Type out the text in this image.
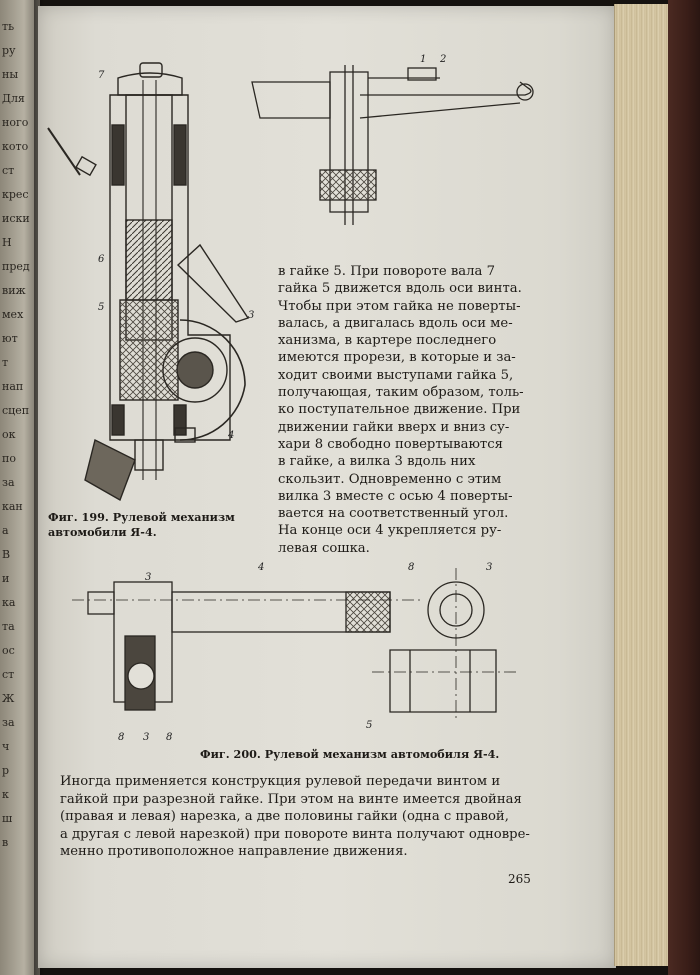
ть
ру
ны
Для
ного
кото
ст
крес
иски
Н
пред
виж
мех
ют
т
нап
сцеп
ок
по
за
кан
а
В
и
ка
та
ос
ст
Ж
за
ч
р
к
ш
в
7
6
5
3
4
1 2
3
4	8	3
8 3 8
5
в гайке 5. При повороте вала 7
гайка 5 движется вдоль оси винта.
Чтобы при этом гайка не поверты-
валась, а двигалась вдоль оси ме-
ханизма, в картере последнего
имеются прорези, в которые и за-
ходит своими выступами гайка 5,
получающая, таким образом, толь-
ко поступательное движение. При
движении гайки вверх и вниз су-
хари 8 свободно повертываются
в гайке, а вилка 3 вдоль них
скользит. Одновременно с этим
вилка 3 вместе с осью 4 поверты-
вается на соответственный угол.
На конце оси 4 укрепляется ру-
левая сошка.
Фиг. 199. Рулевой механизм автомобили Я-4.
Фиг. 200. Рулевой механизм автомобиля Я-4.
Иногда применяется конструкция рулевой передачи винтом и
гайкой при разрезной гайке. При этом на винте имеется двойная
(правая и левая) нарезка, а две половины гайки (одна с правой,
а другая с левой нарезкой) при повороте винта получают одновре-
менно противоположное направление движения.
265
